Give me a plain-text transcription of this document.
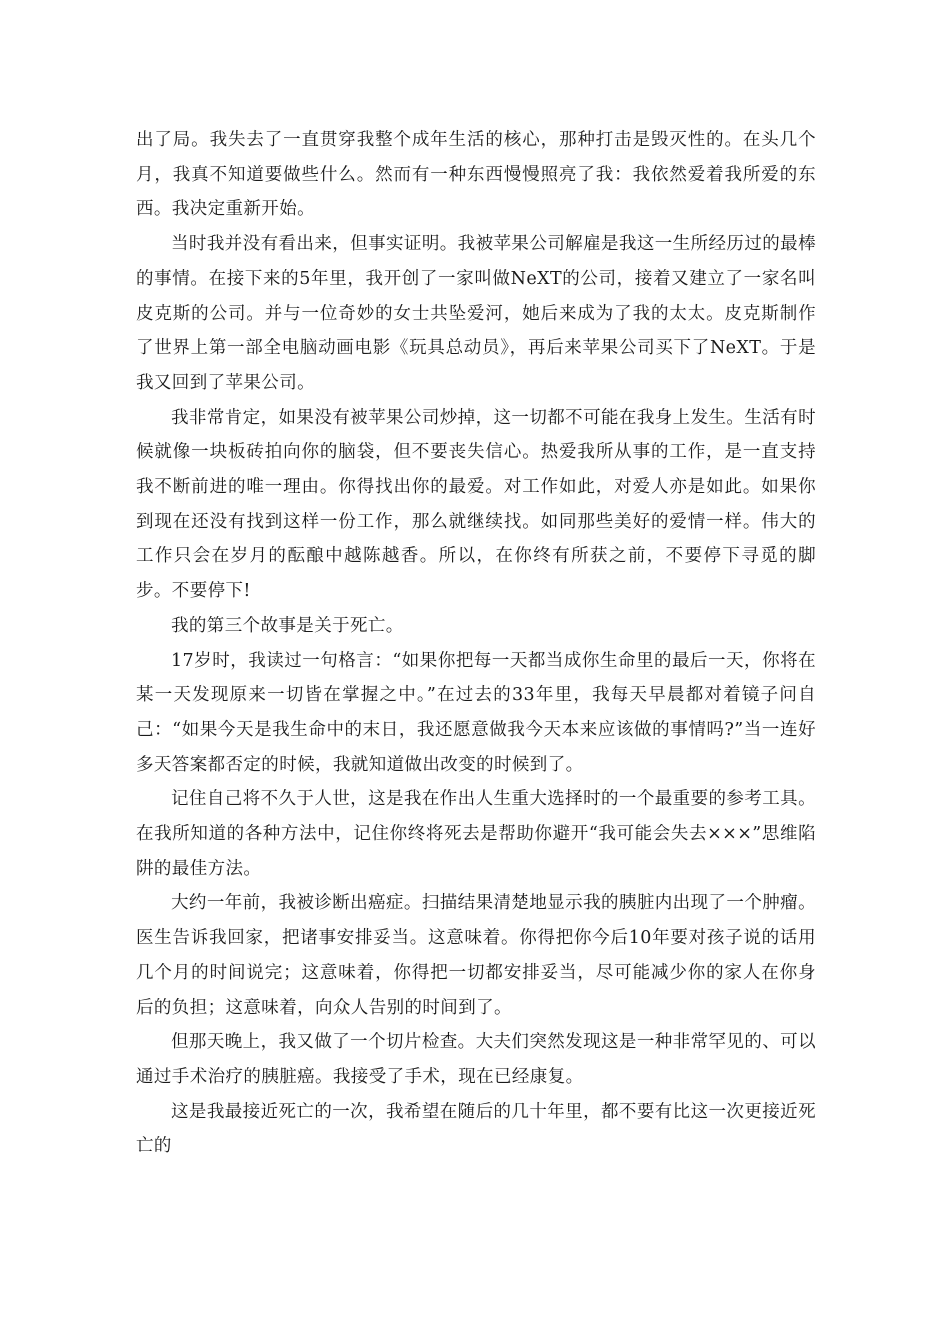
出了局。我失去了一直贯穿我整个成年生活的核心，那种打击是毁灭性的。在头几个月，我真不知道要做些什么。然而有一种东西慢慢照亮了我：我依然爱着我所爱的东西。我决定重新开始。

当时我并没有看出来，但事实证明。我被苹果公司解雇是我这一生所经历过的最棒的事情。在接下来的5年里，我开创了一家叫做NeXT的公司，接着又建立了一家名叫皮克斯的公司。并与一位奇妙的女士共坠爱河，她后来成为了我的太太。皮克斯制作了世界上第一部全电脑动画电影《玩具总动员》，再后来苹果公司买下了NeXT。于是我又回到了苹果公司。

我非常肯定，如果没有被苹果公司炒掉，这一切都不可能在我身上发生。生活有时候就像一块板砖拍向你的脑袋，但不要丧失信心。热爱我所从事的工作，是一直支持我不断前进的唯一理由。你得找出你的最爱。对工作如此，对爱人亦是如此。如果你到现在还没有找到这样一份工作，那么就继续找。如同那些美好的爱情一样。伟大的工作只会在岁月的酝酿中越陈越香。所以，在你终有所获之前，不要停下寻觅的脚步。不要停下!

我的第三个故事是关于死亡。

17岁时，我读过一句格言：“如果你把每一天都当成你生命里的最后一天，你将在某一天发现原来一切皆在掌握之中。”在过去的33年里，我每天早晨都对着镜子问自己：“如果今天是我生命中的末日，我还愿意做我今天本来应该做的事情吗?”当一连好多天答案都否定的时候，我就知道做出改变的时候到了。

记住自己将不久于人世，这是我在作出人生重大选择时的一个最重要的参考工具。在我所知道的各种方法中，记住你终将死去是帮助你避开“我可能会失去×××”思维陷阱的最佳方法。

大约一年前，我被诊断出癌症。扫描结果清楚地显示我的胰脏内出现了一个肿瘤。医生告诉我回家，把诸事安排妥当。这意味着。你得把你今后10年要对孩子说的话用几个月的时间说完；这意味着，你得把一切都安排妥当，尽可能减少你的家人在你身后的负担；这意味着，向众人告别的时间到了。

但那天晚上，我又做了一个切片检查。大夫们突然发现这是一种非常罕见的、可以通过手术治疗的胰脏癌。我接受了手术，现在已经康复。

这是我最接近死亡的一次，我希望在随后的几十年里，都不要有比这一次更接近死亡的
